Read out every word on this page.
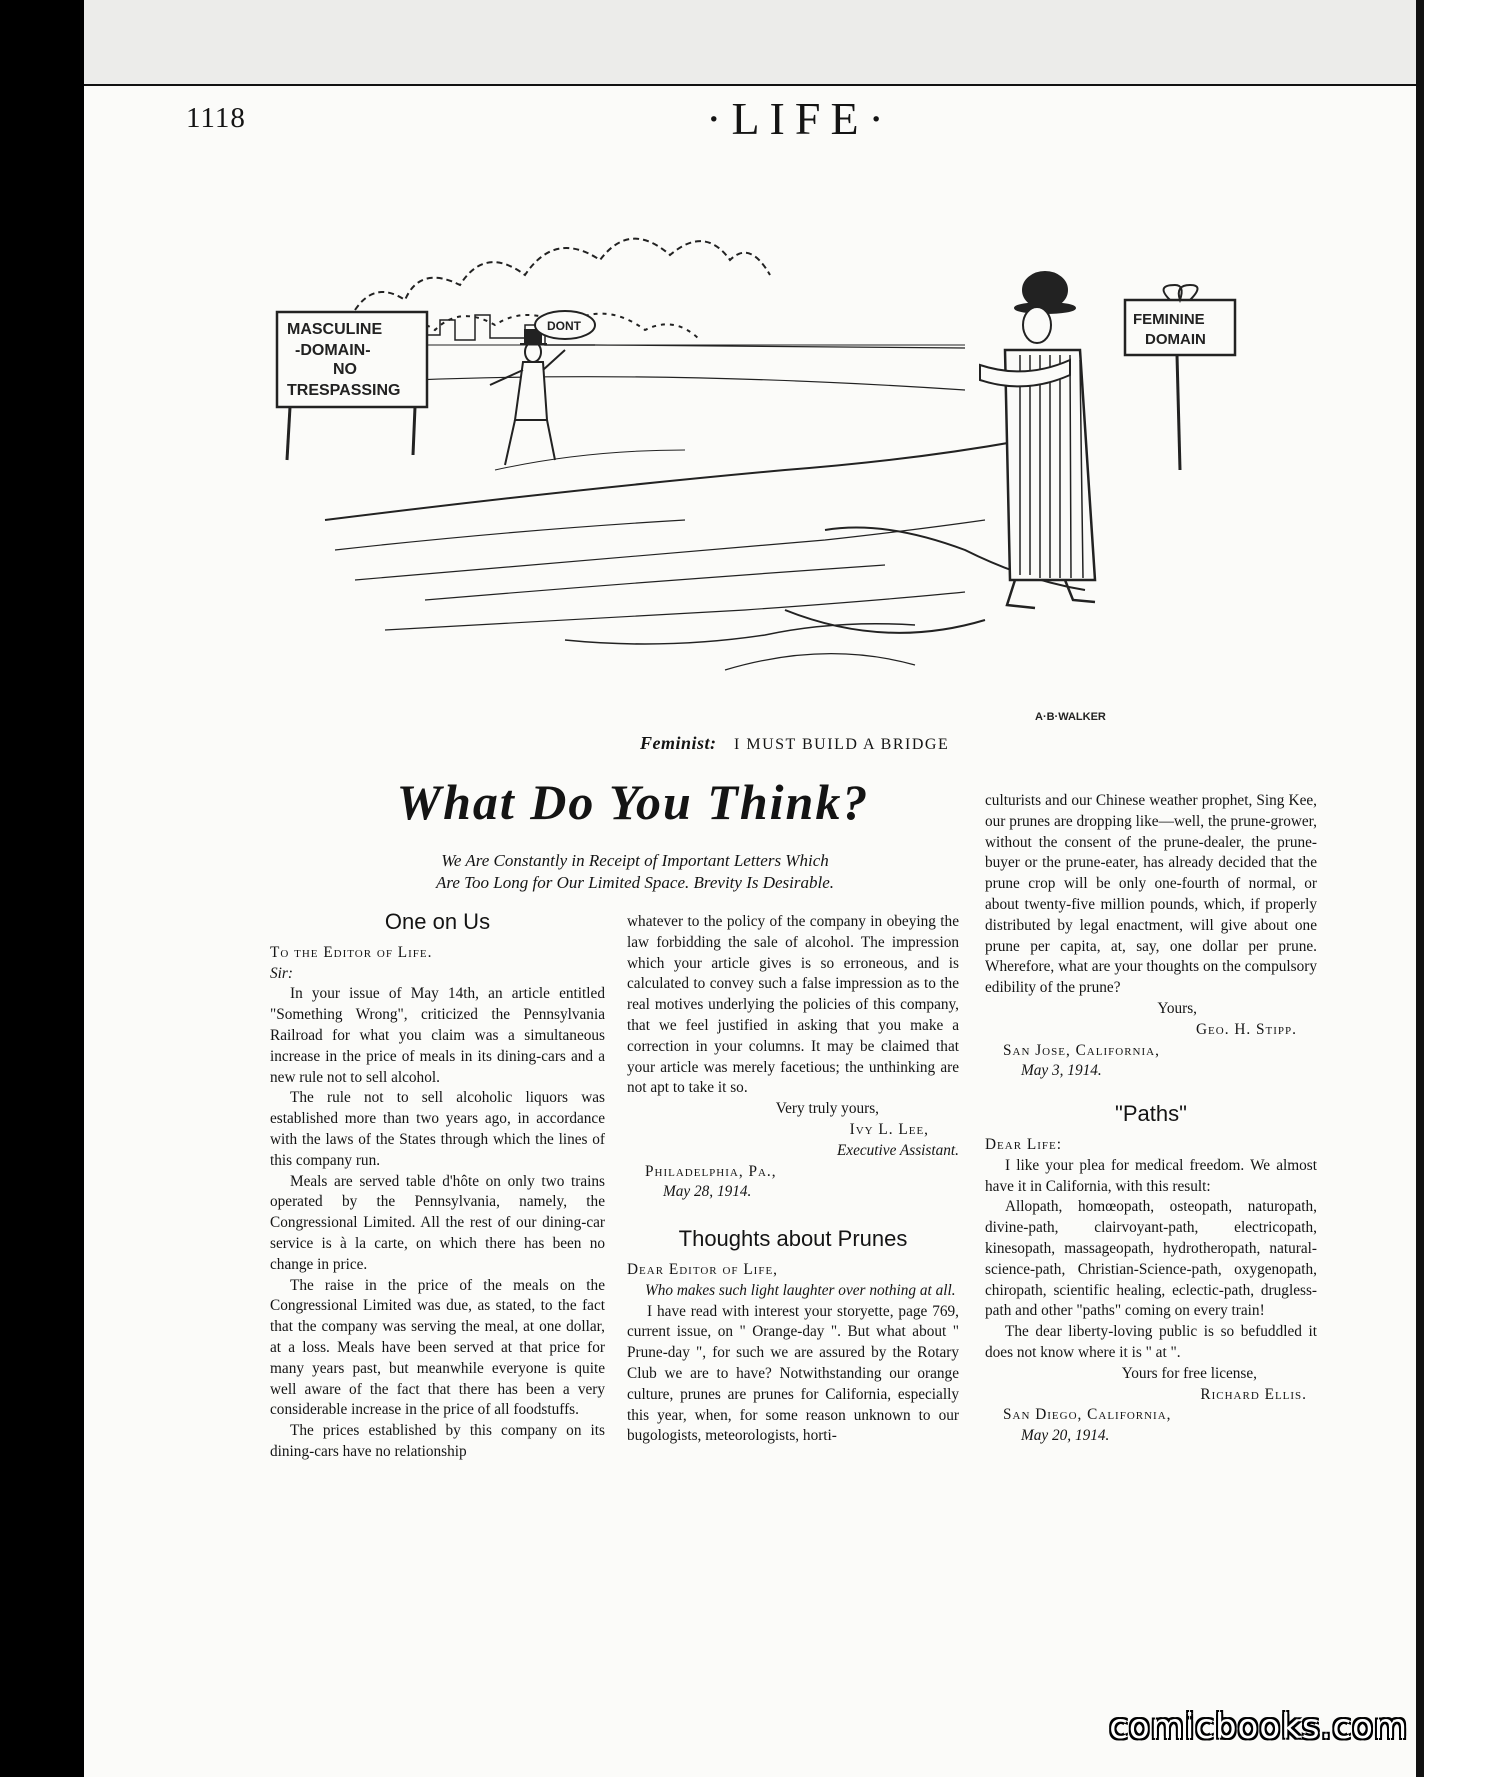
1118	·LIFE·
MASCULINE
-DOMAIN-
NO
TRESPASSING
DONT	FEMININE
DOMAIN
A·B·WALKER
Feminist: I MUST BUILD A BRIDGE
What Do You Think?
We Are Constantly in Receipt of Important Letters Which
Are Too Long for Our Limited Space. Brevity Is Desirable.
One on Us

To the Editor of Life.

Sir:

In your issue of May 14th, an article entitled "Something Wrong", criticized the Pennsylvania Railroad for what you claim was a simultaneous increase in the price of meals in its dining-cars and a new rule not to sell alcohol.

The rule not to sell alcoholic liquors was established more than two years ago, in accordance with the laws of the States through which the lines of this company run.

Meals are served table d'hôte on only two trains operated by the Pennsylvania, namely, the Congressional Limited. All the rest of our dining-car service is à la carte, on which there has been no change in price.

The raise in the price of the meals on the Congressional Limited was due, as stated, to the fact that the company was serving the meal, at one dollar, at a loss. Meals have been served at that price for many years past, but meanwhile everyone is quite well aware of the fact that there has been a very considerable increase in the price of all foodstuffs.

The prices established by this company on its dining-cars have no relationship

whatever to the policy of the company in obeying the law forbidding the sale of alcohol. The impression which your article gives is so erroneous, and is calculated to convey such a false impression as to the real motives underlying the policies of this company, that we feel justified in asking that you make a correction in your columns. It may be claimed that your article was merely facetious; the unthinking are not apt to take it so.

Very truly yours,

Ivy L. Lee,

Executive Assistant.

Philadelphia, Pa.,

May 28, 1914.

Thoughts about Prunes

Dear Editor of Life,

Who makes such light laughter over nothing at all.

I have read with interest your storyette, page 769, current issue, on " Orange-day ". But what about " Prune-day ", for such we are assured by the Rotary Club we are to have? Notwithstanding our orange culture, prunes are prunes for California, especially this year, when, for some reason unknown to our bugologists, meteorologists, horti-

culturists and our Chinese weather prophet, Sing Kee, our prunes are dropping like—well, the prune-grower, without the consent of the prune-dealer, the prune-buyer or the prune-eater, has already decided that the prune crop will be only one-fourth of normal, or about twenty-five million pounds, which, if properly distributed by legal enactment, will give about one prune per capita, at, say, one dollar per prune. Wherefore, what are your thoughts on the compulsory edibility of the prune?

Yours,

Geo. H. Stipp.

San Jose, California,

May 3, 1914.

"Paths"

Dear Life:

I like your plea for medical freedom. We almost have it in California, with this result:

Allopath, homœopath, osteopath, naturopath, divine-path, clairvoyant-path, electricopath, kinesopath, massageopath, hydrotheropath, natural-science-path, Christian-Science-path, oxygenopath, chiropath, scientific healing, eclectic-path, drugless-path and other "paths" coming on every train!

The dear liberty-loving public is so befuddled it does not know where it is " at ".

Yours for free license,

Richard Ellis.

San Diego, California,

May 20, 1914.

comicbooks.com
